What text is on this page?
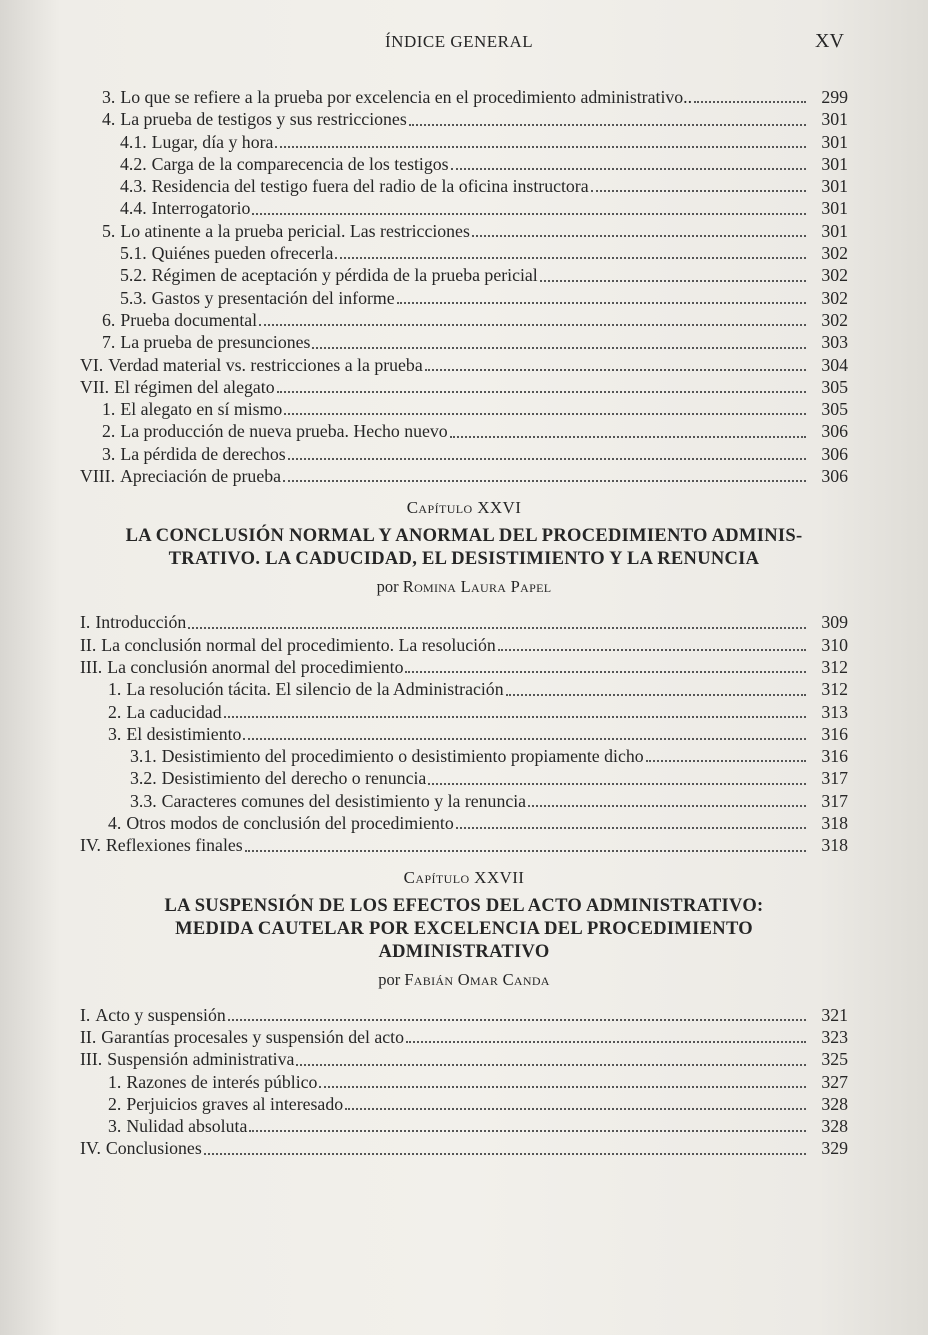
ÍNDICE GENERAL	XV
3. Lo que se refiere a la prueba por excelencia en el procedimiento administrativo..	299
4. La prueba de testigos y sus restricciones	301
4.1. Lugar, día y hora	301
4.2. Carga de la comparecencia de los testigos	301
4.3. Residencia del testigo fuera del radio de la oficina instructora	301
4.4. Interrogatorio	301
5. Lo atinente a la prueba pericial. Las restricciones	301
5.1. Quiénes pueden ofrecerla	302
5.2. Régimen de aceptación y pérdida de la prueba pericial	302
5.3. Gastos y presentación del informe	302
6. Prueba documental	302
7. La prueba de presunciones	303
VI. Verdad material vs. restricciones a la prueba	304
VII. El régimen del alegato	305
1. El alegato en sí mismo	305
2. La producción de nueva prueba. Hecho nuevo	306
3. La pérdida de derechos	306
VIII. Apreciación de prueba	306
Capítulo XXVI
LA CONCLUSIÓN NORMAL Y ANORMAL DEL PROCEDIMIENTO ADMINIS-
TRATIVO. LA CADUCIDAD, EL DESISTIMIENTO Y LA RENUNCIA
por Romina Laura Papel
I. Introducción	309
II. La conclusión normal del procedimiento. La resolución	310
III. La conclusión anormal del procedimiento	312
1. La resolución tácita. El silencio de la Administración	312
2. La caducidad	313
3. El desistimiento	316
3.1. Desistimiento del procedimiento o desistimiento propiamente dicho	316
3.2. Desistimiento del derecho o renuncia	317
3.3. Caracteres comunes del desistimiento y la renuncia	317
4. Otros modos de conclusión del procedimiento	318
IV. Reflexiones finales	318
Capítulo XXVII
LA SUSPENSIÓN DE LOS EFECTOS DEL ACTO ADMINISTRATIVO:
MEDIDA CAUTELAR POR EXCELENCIA DEL PROCEDIMIENTO
ADMINISTRATIVO
por Fabián Omar Canda
I. Acto y suspensión	321
II. Garantías procesales y suspensión del acto	323
III. Suspensión administrativa	325
1. Razones de interés público	327
2. Perjuicios graves al interesado	328
3. Nulidad absoluta	328
IV. Conclusiones	329
